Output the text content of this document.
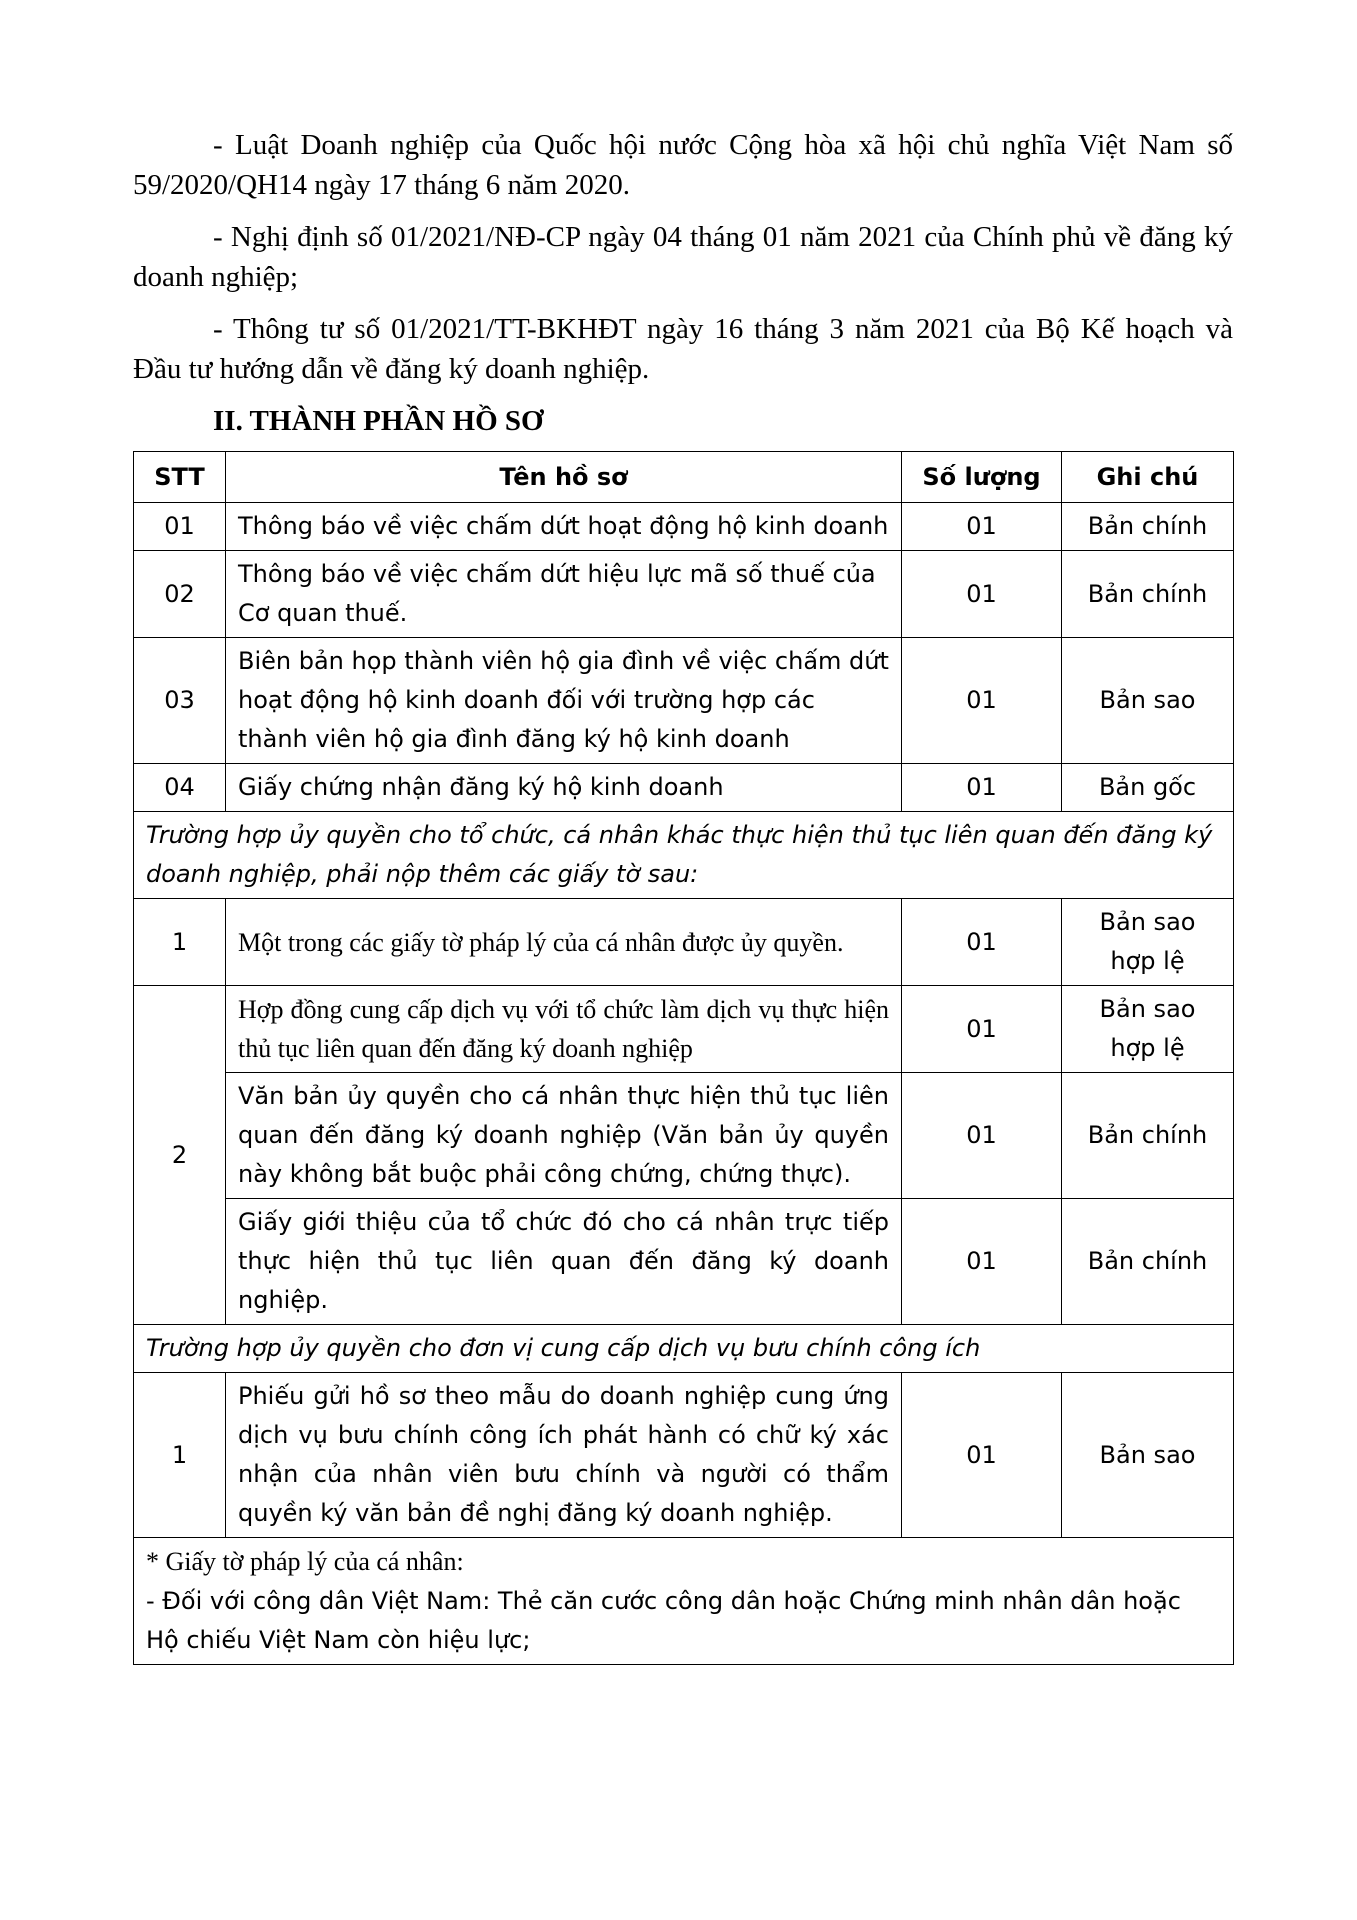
- Luật Doanh nghiệp của Quốc hội nước Cộng hòa xã hội chủ nghĩa Việt Nam số 59/2020/QH14 ngày 17 tháng 6 năm 2020.

- Nghị định số 01/2021/NĐ-CP ngày 04 tháng 01 năm 2021 của Chính phủ về đăng ký doanh nghiệp;

- Thông tư số 01/2021/TT-BKHĐT ngày 16 tháng 3 năm 2021 của Bộ Kế hoạch và Đầu tư hướng dẫn về đăng ký doanh nghiệp.

II. THÀNH PHẦN HỒ SƠ
STT	Tên hồ sơ	Số lượng	Ghi chú
01	Thông báo về việc chấm dứt hoạt động hộ kinh doanh	01	Bản chính
02	Thông báo về việc chấm dứt hiệu lực mã số thuế của Cơ quan thuế.	01	Bản chính
03	Biên bản họp thành viên hộ gia đình về việc chấm dứt hoạt động hộ kinh doanh đối với trường hợp các thành viên hộ gia đình đăng ký hộ kinh doanh	01	Bản sao
04	Giấy chứng nhận đăng ký hộ kinh doanh	01	Bản gốc
Trường hợp ủy quyền cho tổ chức, cá nhân khác thực hiện thủ tục liên quan đến đăng ký doanh nghiệp, phải nộp thêm các giấy tờ sau:			
1	Một trong các giấy tờ pháp lý của cá nhân được ủy quyền.	01	Bản sao hợp lệ
2	Hợp đồng cung cấp dịch vụ với tổ chức làm dịch vụ thực hiện thủ tục liên quan đến đăng ký doanh nghiệp	01	Bản sao hợp lệ
	Văn bản ủy quyền cho cá nhân thực hiện thủ tục liên quan đến đăng ký doanh nghiệp (Văn bản ủy quyền này không bắt buộc phải công chứng, chứng thực).	01	Bản chính
	Giấy giới thiệu của tổ chức đó cho cá nhân trực tiếp thực hiện thủ tục liên quan đến đăng ký doanh nghiệp.	01	Bản chính
Trường hợp ủy quyền cho đơn vị cung cấp dịch vụ bưu chính công ích			
1	Phiếu gửi hồ sơ theo mẫu do doanh nghiệp cung ứng dịch vụ bưu chính công ích phát hành có chữ ký xác nhận của nhân viên bưu chính và người có thẩm quyền ký văn bản đề nghị đăng ký doanh nghiệp.	01	Bản sao

* Giấy tờ pháp lý của cá nhân:
- Đối với công dân Việt Nam: Thẻ căn cước công dân hoặc Chứng minh nhân dân hoặc Hộ chiếu Việt Nam còn hiệu lực;			
